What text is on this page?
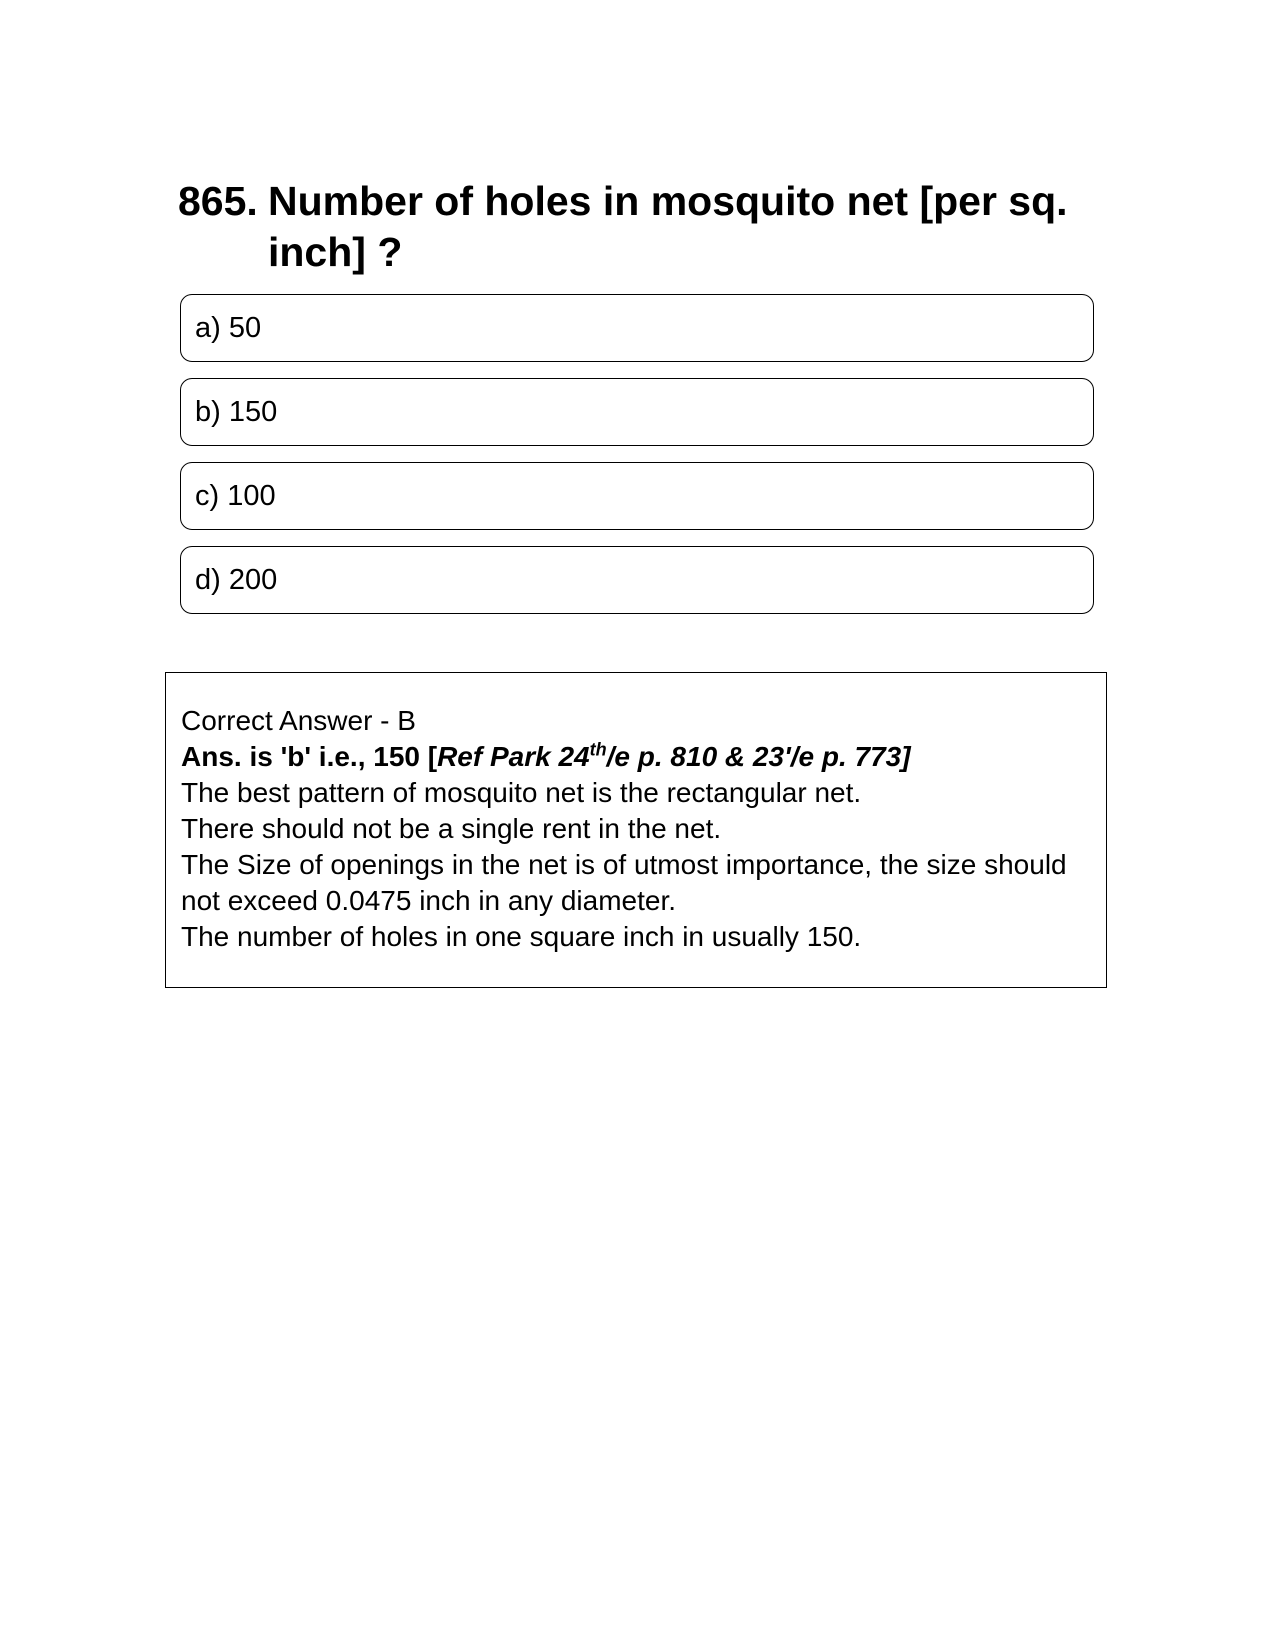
865. Number of holes in mosquito net [per sq. inch] ?
a) 50
b) 150
c) 100
d) 200
Correct Answer - B
Ans. is 'b' i.e., 150 [Ref Park 24th/e p. 810 & 23'/e p. 773]
The best pattern of mosquito net is the rectangular net.
There should not be a single rent in the net.
The Size of openings in the net is of utmost importance, the size should not exceed 0.0475 inch in any diameter.
The number of holes in one square inch in usually 150.
